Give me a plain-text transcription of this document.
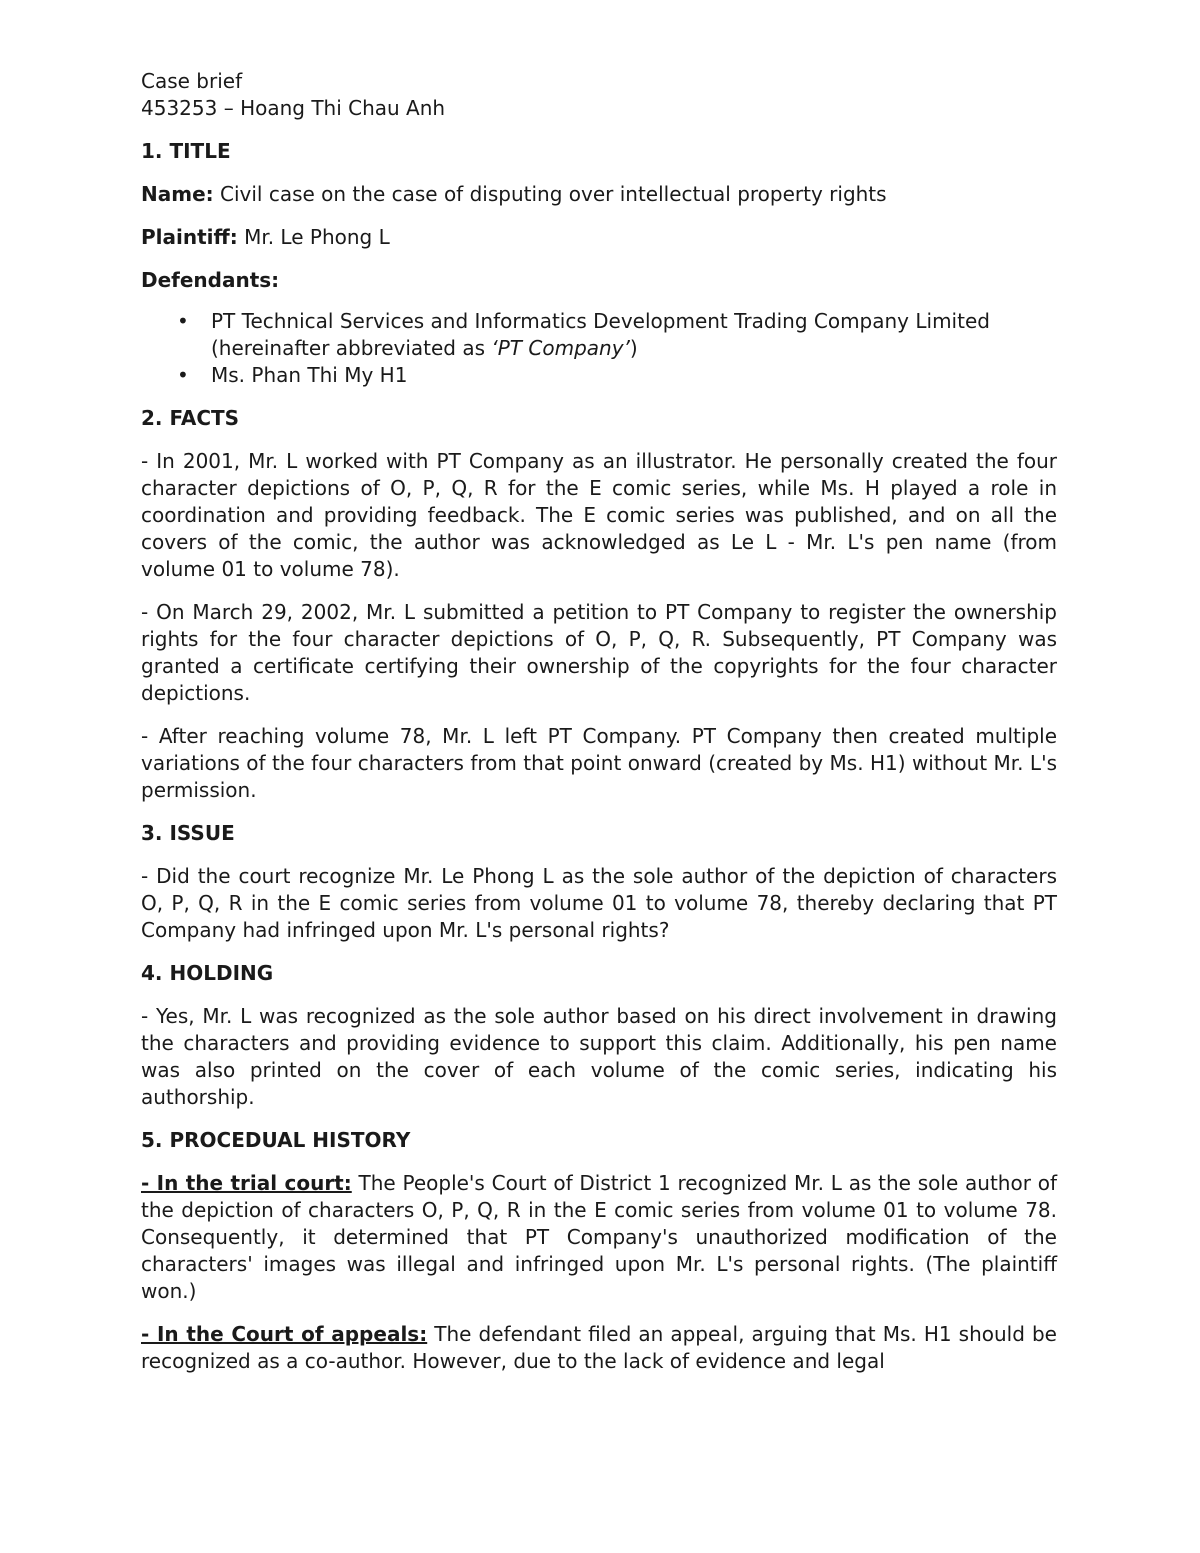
Case brief

453253 – Hoang Thi Chau Anh

1. TITLE

Name: Civil case on the case of disputing over intellectual property rights

Plaintiff: Mr. Le Phong L

Defendants:

• PT Technical Services and Informatics Development Trading Company Limited (hereinafter abbreviated as ‘PT Company’)
• Ms. Phan Thi My H1

2. FACTS

- In 2001, Mr. L worked with PT Company as an illustrator. He personally created the four character depictions of O, P, Q, R for the E comic series, while Ms. H played a role in coordination and providing feedback. The E comic series was published, and on all the covers of the comic, the author was acknowledged as Le L - Mr. L's pen name (from volume 01 to volume 78).

- On March 29, 2002, Mr. L submitted a petition to PT Company to register the ownership rights for the four character depictions of O, P, Q, R. Subsequently, PT Company was granted a certificate certifying their ownership of the copyrights for the four character depictions.

- After reaching volume 78, Mr. L left PT Company. PT Company then created multiple variations of the four characters from that point onward (created by Ms. H1) without Mr. L's permission.

3. ISSUE

- Did the court recognize Mr. Le Phong L as the sole author of the depiction of characters O, P, Q, R in the E comic series from volume 01 to volume 78, thereby declaring that PT Company had infringed upon Mr. L's personal rights?

4. HOLDING

- Yes, Mr. L was recognized as the sole author based on his direct involvement in drawing the characters and providing evidence to support this claim. Additionally, his pen name was also printed on the cover of each volume of the comic series, indicating his authorship.

5. PROCEDUAL HISTORY

- In the trial court: The People's Court of District 1 recognized Mr. L as the sole author of the depiction of characters O, P, Q, R in the E comic series from volume 01 to volume 78. Consequently, it determined that PT Company's unauthorized modification of the characters' images was illegal and infringed upon Mr. L's personal rights. (The plaintiff won.)

- In the Court of appeals: The defendant filed an appeal, arguing that Ms. H1 should be recognized as a co-author. However, due to the lack of evidence and legal
